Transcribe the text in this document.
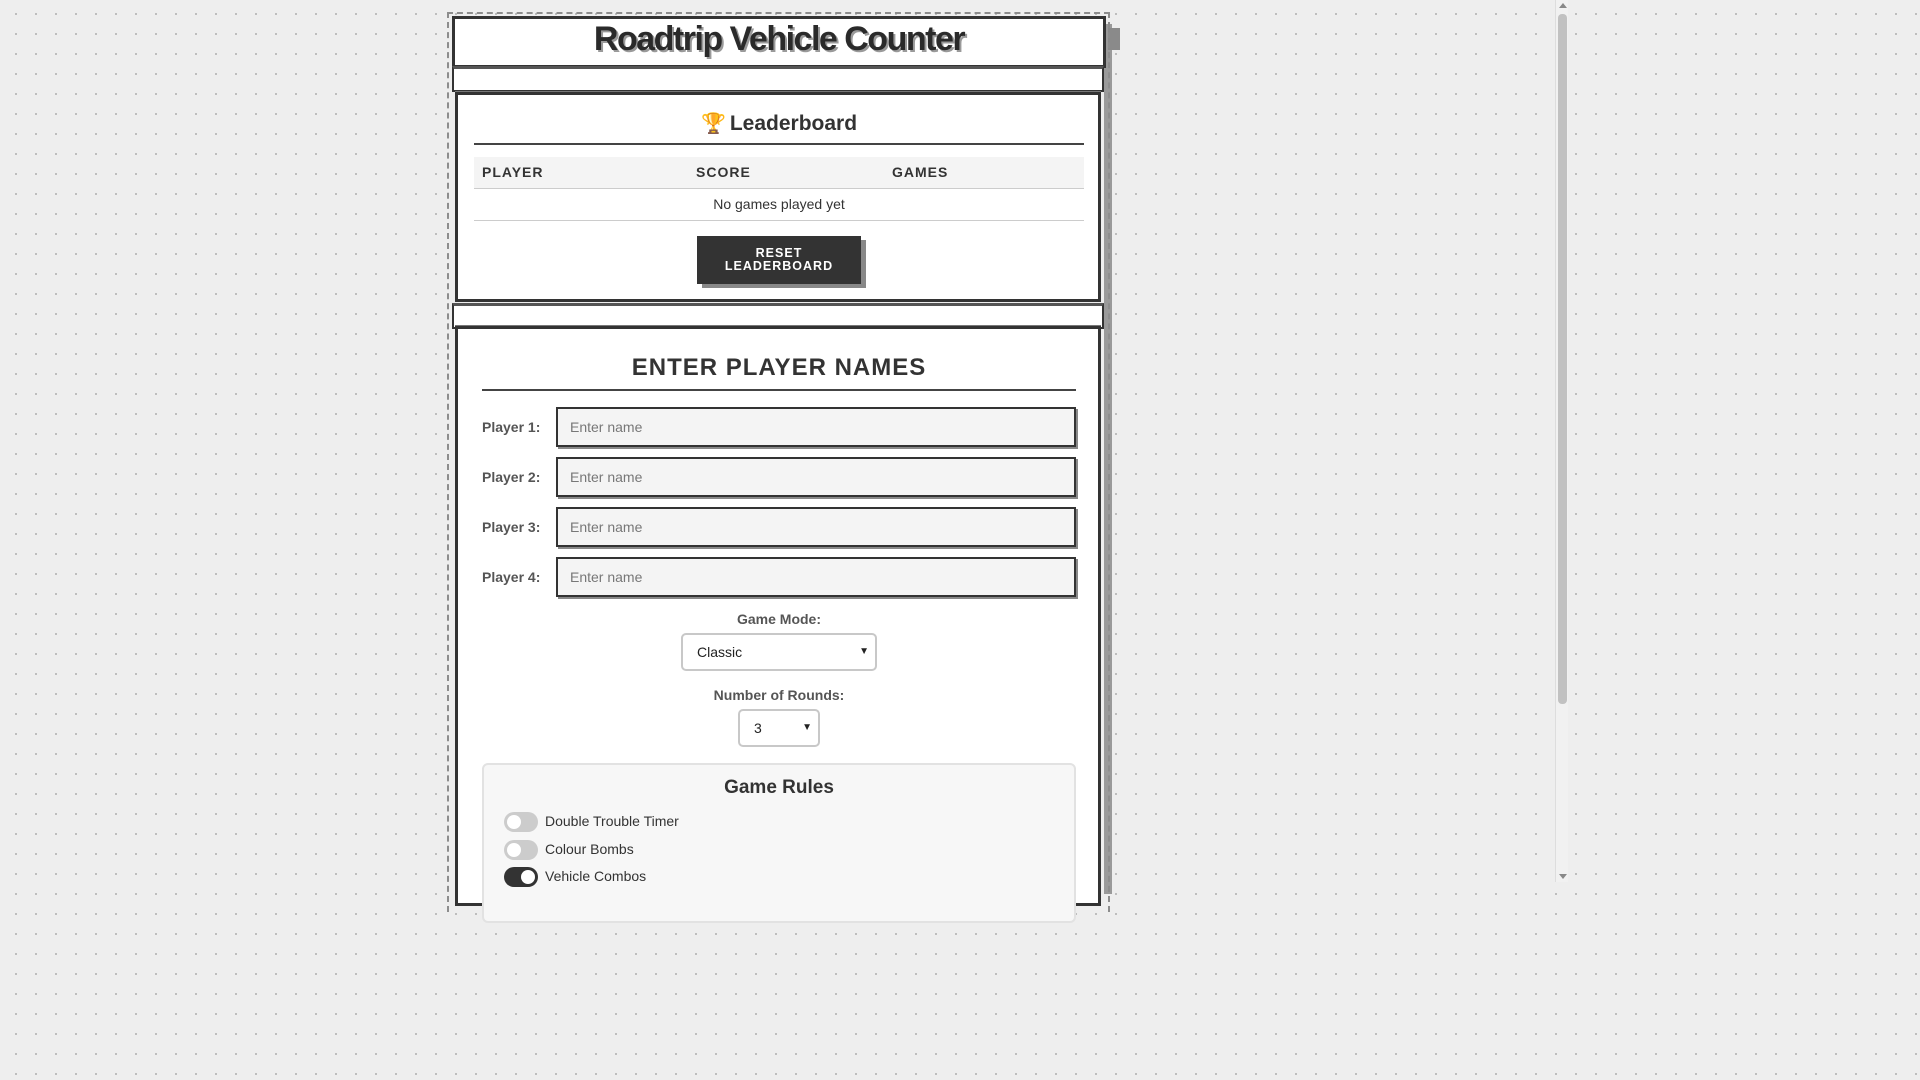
Roadtrip Vehicle Counter
🏆 Leaderboard
PLAYER	SCORE	GAMES
No games played yet
RESET LEADERBOARD
ENTER PLAYER NAMES
Player 1:
Enter name
Player 2:
Enter name
Player 3:
Enter name
Player 4:
Enter name
Game Mode:
Classic	▼
Number of Rounds:
3	▼
Game Rules
Double Trouble Timer
Colour Bombs
Vehicle Combos
